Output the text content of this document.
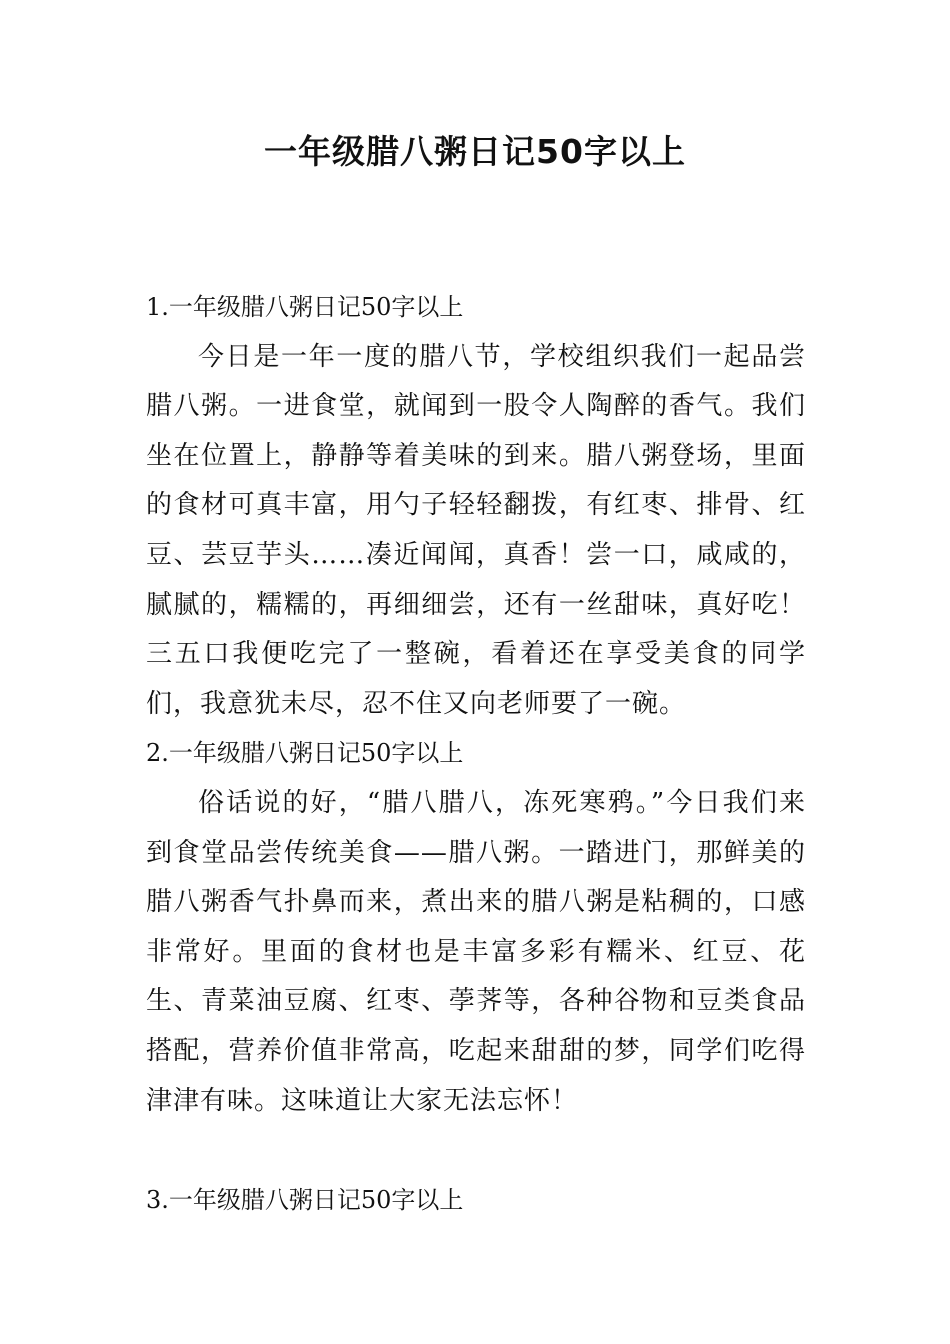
一年级腊八粥日记50字以上
1.一年级腊八粥日记50字以上

今日是一年一度的腊八节，学校组织我们一起品尝腊八粥。一进食堂，就闻到一股令人陶醉的香气。我们坐在位置上，静静等着美味的到来。腊八粥登场，里面的食材可真丰富，用勺子轻轻翻拨，有红枣、排骨、红豆、芸豆芋头……凑近闻闻，真香！尝一口，咸咸的，腻腻的，糯糯的，再细细尝，还有一丝甜味，真好吃！三五口我便吃完了一整碗，看着还在享受美食的同学们，我意犹未尽，忍不住又向老师要了一碗。

2.一年级腊八粥日记50字以上

俗话说的好，“腊八腊八，冻死寒鸦。”今日我们来到食堂品尝传统美食——腊八粥。一踏进门，那鲜美的腊八粥香气扑鼻而来，煮出来的腊八粥是粘稠的，口感非常好。里面的食材也是丰富多彩有糯米、红豆、花生、青菜油豆腐、红枣、荸荠等，各种谷物和豆类食品搭配，营养价值非常高，吃起来甜甜的梦，同学们吃得津津有味。这味道让大家无法忘怀！

3.一年级腊八粥日记50字以上
